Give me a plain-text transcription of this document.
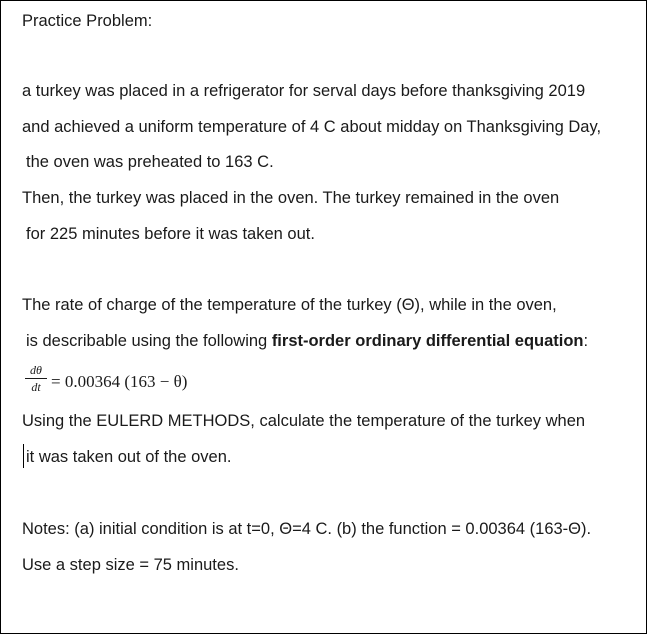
Practice Problem:
a turkey was placed in a refrigerator for serval days before thanksgiving 2019
and achieved a uniform temperature of 4 C about midday on Thanksgiving Day,
the oven was preheated to 163 C.
Then, the turkey was placed in the oven. The turkey remained in the oven
for 225 minutes before it was taken out.
The rate of charge of the temperature of the turkey (Θ), while in the oven,
is describable using the following first-order ordinary differential equation:
$\frac{d\theta}{dt} = 0.00364$ (163 − θ)
Using the EULERD METHODS, calculate the temperature of the turkey when
it was taken out of the oven.
Notes: (a) initial condition is at t=0, Θ=4 C. (b) the function = 0.00364 (163-Θ).
Use a step size = 75 minutes.
